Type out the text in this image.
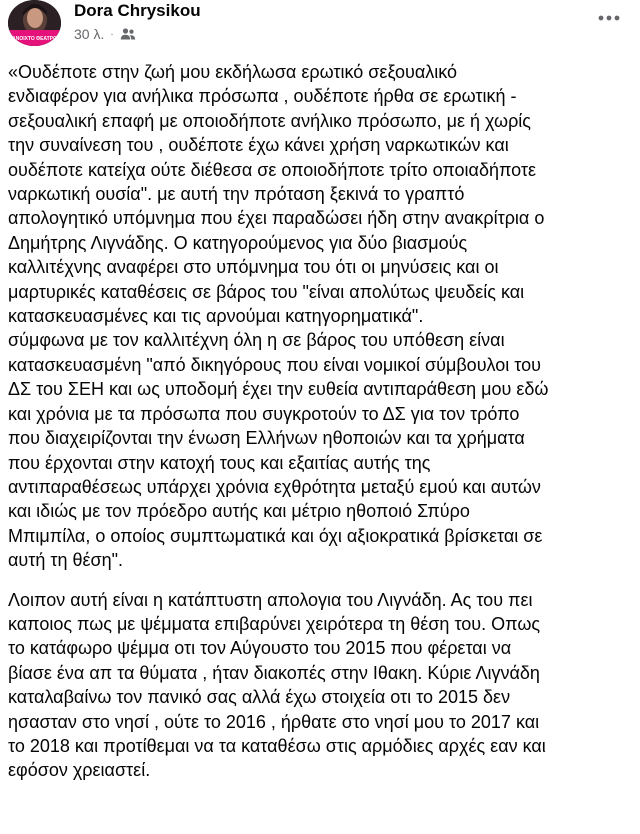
ΑΝΟΙΧΤΟ ΘΕΑΤΡΟ
Dora Chrysikou
30 λ. ·

«Ουδέποτε στην ζωή μου εκδήλωσα ερωτικό σεξουαλικό
ενδιαφέρον για ανήλικα πρόσωπα , ουδέποτε ήρθα σε ερωτική -
σεξουαλική επαφή με οποιοδήποτε ανήλικο πρόσωπο, με ή χωρίς
την συναίνεση του , ουδέποτε έχω κάνει χρήση ναρκωτικών και
ουδέποτε κατείχα ούτε διέθεσα σε οποιοδήποτε τρίτο οποιαδήποτε
ναρκωτική ουσία". με αυτή την πρόταση ξεκινά το γραπτό
απολογητικό υπόμνημα που έχει παραδώσει ήδη στην ανακρίτρια ο
Δημήτρης Λιγνάδης. Ο κατηγορούμενος για δύο βιασμούς
καλλιτέχνης αναφέρει στο υπόμνημα του ότι οι μηνύσεις και οι
μαρτυρικές καταθέσεις σε βάρος του "είναι απολύτως ψευδείς και
κατασκευασμένες και τις αρνούμαι κατηγορηματικά".
σύμφωνα με τον καλλιτέχνη όλη η σε βάρος του υπόθεση είναι
κατασκευασμένη "από δικηγόρους που είναι νομικοί σύμβουλοι του
ΔΣ του ΣΕΗ και ως υποδομή έχει την ευθεία αντιπαράθεση μου εδώ
και χρόνια με τα πρόσωπα που συγκροτούν το ΔΣ για τον τρόπο
που διαχειρίζονται την ένωση Ελλήνων ηθοποιών και τα χρήματα
που έρχονται στην κατοχή τους και εξαιτίας αυτής της
αντιπαραθέσεως υπάρχει χρόνια εχθρότητα μεταξύ εμού και αυτών
και ιδιώς με τον πρόεδρο αυτής και μέτριο ηθοποιό Σπύρο
Μπιμπίλα, ο οποίος συμπτωματικά και όχι αξιοκρατικά βρίσκεται σε
αυτή τη θέση".

Λοιπον αυτή είναι η κατάπτυστη απολογια του Λιγνάδη. Ας του πει
καποιος πως με ψέμματα επιβαρύνει χειρότερα τη θέση του. Οπως
το κατάφωρο ψέμμα οτι τον Αύγουστο του 2015 που φέρεται να
βίασε ένα απ τα θύματα , ήταν διακοπές στην Ιθακη. Κύριε Λιγνάδη
καταλαβαίνω τον πανικό σας αλλά έχω στοιχεία οτι το 2015 δεν
ησασταν στο νησί , ούτε το 2016 , ήρθατε στο νησί μου το 2017 και
το 2018 και προτίθεμαι να τα καταθέσω στις αρμόδιες αρχές εαν και
εφόσον χρειαστεί.
